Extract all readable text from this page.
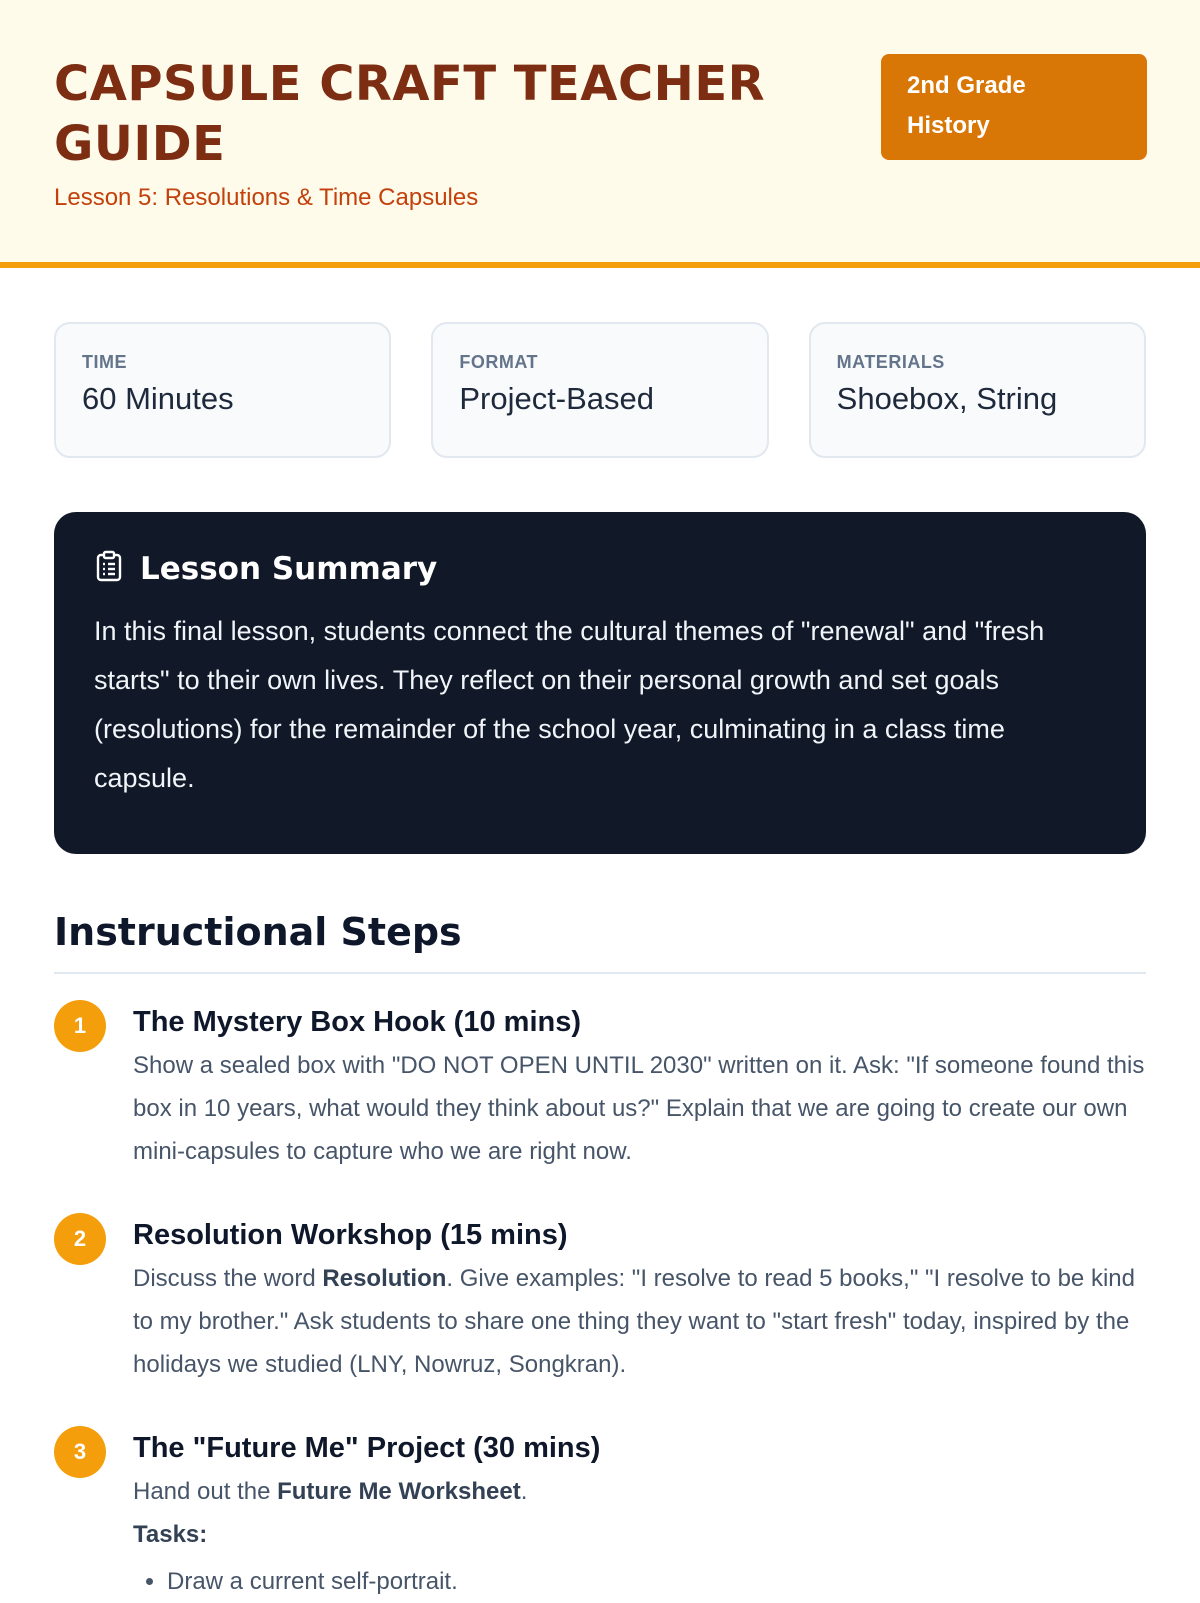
CAPSULE CRAFT TEACHER GUIDE
Lesson 5: Resolutions & Time Capsules
2nd Grade
History
TIME
60 Minutes
FORMAT
Project-Based
MATERIALS
Shoebox, String
Lesson Summary
In this final lesson, students connect the cultural themes of "renewal" and "fresh starts" to their own lives. They reflect on their personal growth and set goals (resolutions) for the remainder of the school year, culminating in a class time capsule.
Instructional Steps
1	The Mystery Box Hook (10 mins)
Show a sealed box with "DO NOT OPEN UNTIL 2030" written on it. Ask: "If someone found this box in 10 years, what would they think about us?" Explain that we are going to create our own mini-capsules to capture who we are right now.
2	Resolution Workshop (15 mins)
Discuss the word Resolution. Give examples: "I resolve to read 5 books," "I resolve to be kind to my brother." Ask students to share one thing they want to "start fresh" today, inspired by the holidays we studied (LNY, Nowruz, Songkran).
3	The "Future Me" Project (30 mins)
Hand out the Future Me Worksheet.
Tasks:
• Draw a current self-portrait.
